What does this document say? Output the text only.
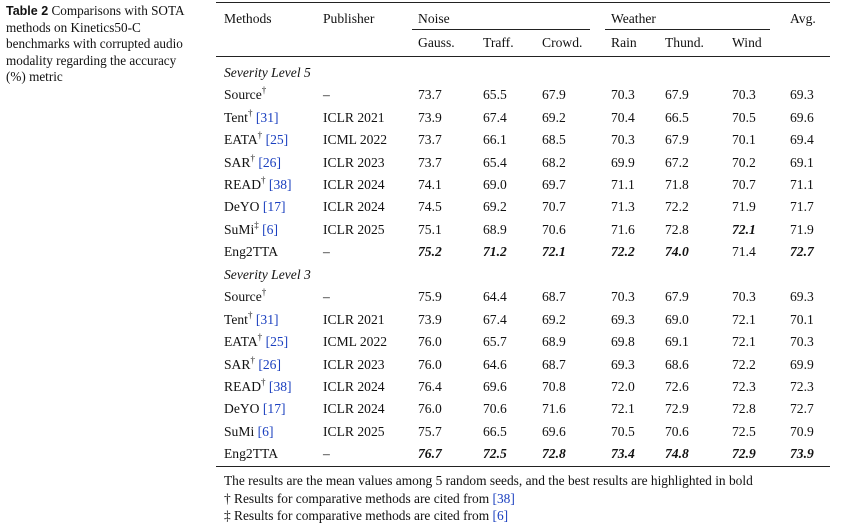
Table 2 Comparisons with SOTA methods on Kinetics50-C benchmarks with corrupted audio modality regarding the accuracy (%) metric
Methods	Publisher	Noise	Weather	Avg.
Gauss. Traff. Crowd. Rain Thund. Wind
Severity Level 5
Source†	–	73.7	65.5	67.9	70.3 67.9	70.3	69.3
Tent† [31]	ICLR 2021 73.9	67.4	69.2	70.4 66.5	70.5	69.6
EATA† [25]	ICML 2022 73.7	66.1	68.5	70.3 67.9	70.1	69.4
SAR† [26]	ICLR 2023 73.7	65.4	68.2	69.9 67.2	70.2	69.1
READ† [38] ICLR 2024 74.1	69.0	69.7	71.1 71.8	70.7	71.1
DeYO [17]	ICLR 2024 74.5	69.2	70.7	71.3 72.2	71.9	71.7
SuMi‡ [6]	ICLR 2025 75.1	68.9	70.6	71.6 72.8	72.1	71.9
Eng2TTA	–	75.2	71.2	72.1	72.2 74.0	71.4	72.7
Severity Level 3
Source†	–	75.9	64.4	68.7	70.3 67.9	70.3	69.3
Tent† [31]	ICLR 2021 73.9	67.4	69.2	69.3 69.0	72.1	70.1
EATA† [25]	ICML 2022 76.0	65.7	68.9	69.8 69.1	72.1	70.3
SAR† [26]	ICLR 2023 76.0	64.6	68.7	69.3 68.6	72.2	69.9
READ† [38] ICLR 2024 76.4	69.6	70.8	72.0 72.6	72.3	72.3
DeYO [17]	ICLR 2024 76.0	70.6	71.6	72.1 72.9	72.8	72.7
SuMi [6]	ICLR 2025 75.7	66.5	69.6	70.5 70.6	72.5	70.9
Eng2TTA	–	76.7	72.5	72.8	73.4 74.8	72.9	73.9
The results are the mean values among 5 random seeds, and the best results are highlighted in bold
† Results for comparative methods are cited from [38]
‡ Results for comparative methods are cited from [6]
